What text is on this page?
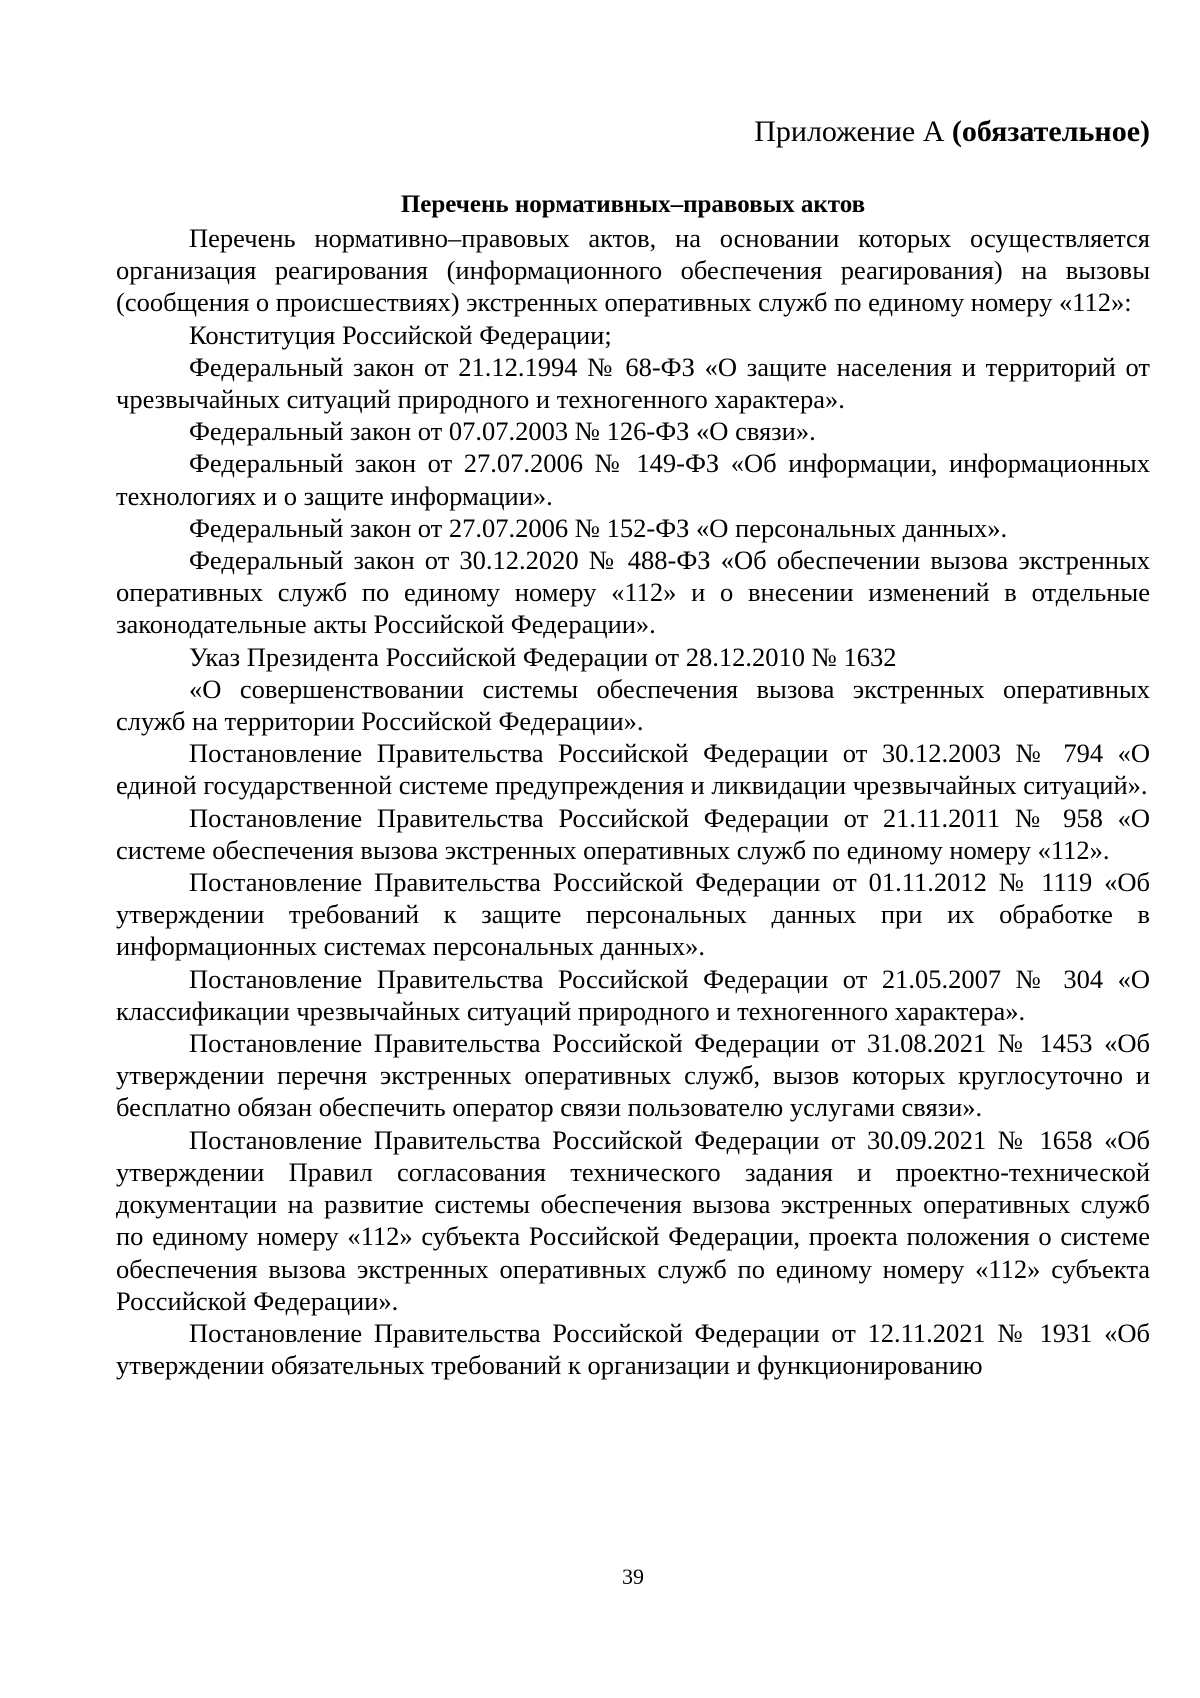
Приложение А (обязательное)
Перечень нормативных–правовых актов

Перечень нормативно–правовых актов, на основании которых осуществляется организация реагирования (информационного обеспечения реагирования) на вызовы (сообщения о происшествиях) экстренных оперативных служб по единому номеру «112»:

Конституция Российской Федерации;

Федеральный закон от 21.12.1994 № 68-ФЗ «О защите населения и территорий от чрезвычайных ситуаций природного и техногенного характера».

Федеральный закон от 07.07.2003 № 126-ФЗ «О связи».

Федеральный закон от 27.07.2006 № 149-ФЗ «Об информации, информационных технологиях и о защите информации».

Федеральный закон от 27.07.2006 № 152-ФЗ «О персональных данных».

Федеральный закон от 30.12.2020 № 488-ФЗ «Об обеспечении вызова экстренных оперативных служб по единому номеру «112» и о внесении изменений в отдельные законодательные акты Российской Федерации».

Указ Президента Российской Федерации от 28.12.2010 № 1632

«О совершенствовании системы обеспечения вызова экстренных оперативных служб на территории Российской Федерации».

Постановление Правительства Российской Федерации от 30.12.2003 № 794 «О единой государственной системе предупреждения и ликвидации чрезвычайных ситуаций».

Постановление Правительства Российской Федерации от 21.11.2011 № 958 «О системе обеспечения вызова экстренных оперативных служб по единому номеру «112».

Постановление Правительства Российской Федерации от 01.11.2012 № 1119 «Об утверждении требований к защите персональных данных при их обработке в информационных системах персональных данных».

Постановление Правительства Российской Федерации от 21.05.2007 № 304 «О классификации чрезвычайных ситуаций природного и техногенного характера».

Постановление Правительства Российской Федерации от 31.08.2021 № 1453 «Об утверждении перечня экстренных оперативных служб, вызов которых круглосуточно и бесплатно обязан обеспечить оператор связи пользователю услугами связи».

Постановление Правительства Российской Федерации от 30.09.2021 № 1658 «Об утверждении Правил согласования технического задания и проектно-технической документации на развитие системы обеспечения вызова экстренных оперативных служб по единому номеру «112» субъекта Российской Федерации, проекта положения о системе обеспечения вызова экстренных оперативных служб по единому номеру «112» субъекта Российской Федерации».

Постановление Правительства Российской Федерации от 12.11.2021 № 1931 «Об утверждении обязательных требований к организации и функционированию

39
